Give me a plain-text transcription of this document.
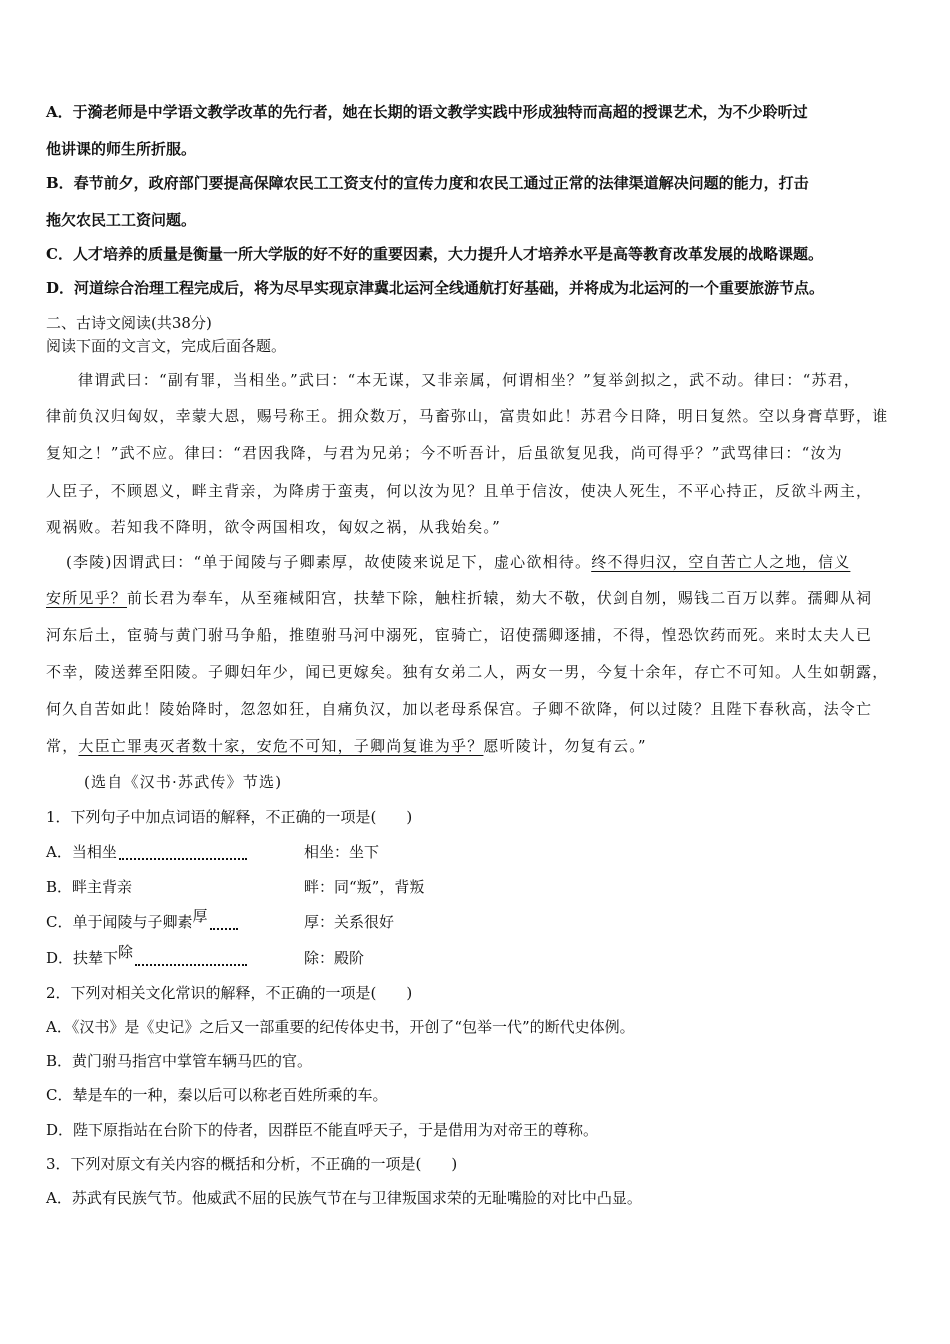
A．于漪老师是中学语文教学改革的先行者，她在长期的语文教学实践中形成独特而高超的授课艺术，为不少聆听过
他讲课的师生所折服。
B．春节前夕，政府部门要提高保障农民工工资支付的宣传力度和农民工通过正常的法律渠道解决问题的能力，打击
拖欠农民工工资问题。
C．人才培养的质量是衡量一所大学版的好不好的重要因素，大力提升人才培养水平是高等教育改革发展的战略课题。
D．河道综合治理工程完成后，将为尽早实现京津冀北运河全线通航打好基础，并将成为北运河的一个重要旅游节点。
二、古诗文阅读(共38分)
阅读下面的文言文，完成后面各题。
律谓武曰：“副有罪，当相坐。”武曰：“本无谋，又非亲属，何谓相坐？”复举剑拟之，武不动。律曰：“苏君，
律前负汉归匈奴，幸蒙大恩，赐号称王。拥众数万，马畜弥山，富贵如此！苏君今日降，明日复然。空以身膏草野，谁
复知之！”武不应。律曰：“君因我降，与君为兄弟；今不听吾计，后虽欲复见我，尚可得乎？”武骂律曰：“汝为
人臣子，不顾恩义，畔主背亲，为降虏于蛮夷，何以汝为见？且单于信汝，使决人死生，不平心持正，反欲斗两主，
观祸败。若知我不降明，欲令两国相攻，匈奴之祸，从我始矣。”
(李陵)因谓武曰：“单于闻陵与子卿素厚，故使陵来说足下，虚心欲相待。终不得归汉，空自苦亡人之地，信义
安所见乎？前长君为奉车，从至雍棫阳宫，扶辇下除，触柱折辕，劾大不敬，伏剑自刎，赐钱二百万以葬。孺卿从祠
河东后土，宦骑与黄门驸马争船，推堕驸马河中溺死，宦骑亡，诏使孺卿逐捕，不得，惶恐饮药而死。来时太夫人已
不幸，陵送葬至阳陵。子卿妇年少，闻已更嫁矣。独有女弟二人，两女一男，今复十余年，存亡不可知。人生如朝露，
何久自苦如此！陵始降时，忽忽如狂，自痛负汉，加以老母系保宫。子卿不欲降，何以过陵？且陛下春秋高，法令亡
常，大臣亡罪夷灭者数十家，安危不可知，子卿尚复谁为乎？愿听陵计，勿复有云。”
(选自《汉书·苏武传》节选)
1．下列句子中加点词语的解释，不正确的一项是(　　)
A．当相坐	相坐：坐下
B．畔主背亲	畔：同“叛”，背叛
C．单于闻陵与子卿素厚	厚：关系很好
D．扶辇下除	除：殿阶
2．下列对相关文化常识的解释，不正确的一项是(　　)
A．《汉书》是《史记》之后又一部重要的纪传体史书，开创了“包举一代”的断代史体例。
B．黄门驸马指宫中掌管车辆马匹的官。
C．辇是车的一种，秦以后可以称老百姓所乘的车。
D．陛下原指站在台阶下的侍者，因群臣不能直呼天子，于是借用为对帝王的尊称。
3．下列对原文有关内容的概括和分析，不正确的一项是(　　)
A．苏武有民族气节。他威武不屈的民族气节在与卫律叛国求荣的无耻嘴脸的对比中凸显。
